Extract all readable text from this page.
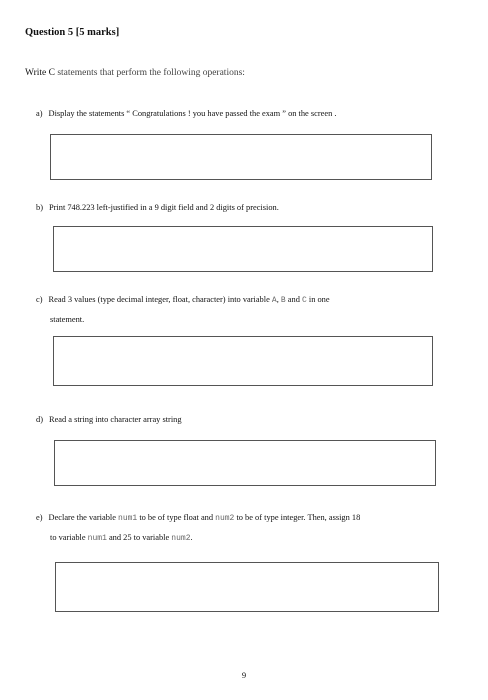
Question 5 [5 marks]
Write C statements that perform the following operations:
a) Display the statements “ Congratulations ! you have passed the exam ” on the screen .
b) Print 748.223 left-justified in a 9 digit field and 2 digits of precision.
c) Read 3 values (type decimal integer, float, character) into variable A, B and C in one
statement.
d) Read a string into character array string
e) Declare the variable num1 to be of type float and num2 to be of type integer. Then, assign 18
to variable num1 and 25 to variable num2.
9
